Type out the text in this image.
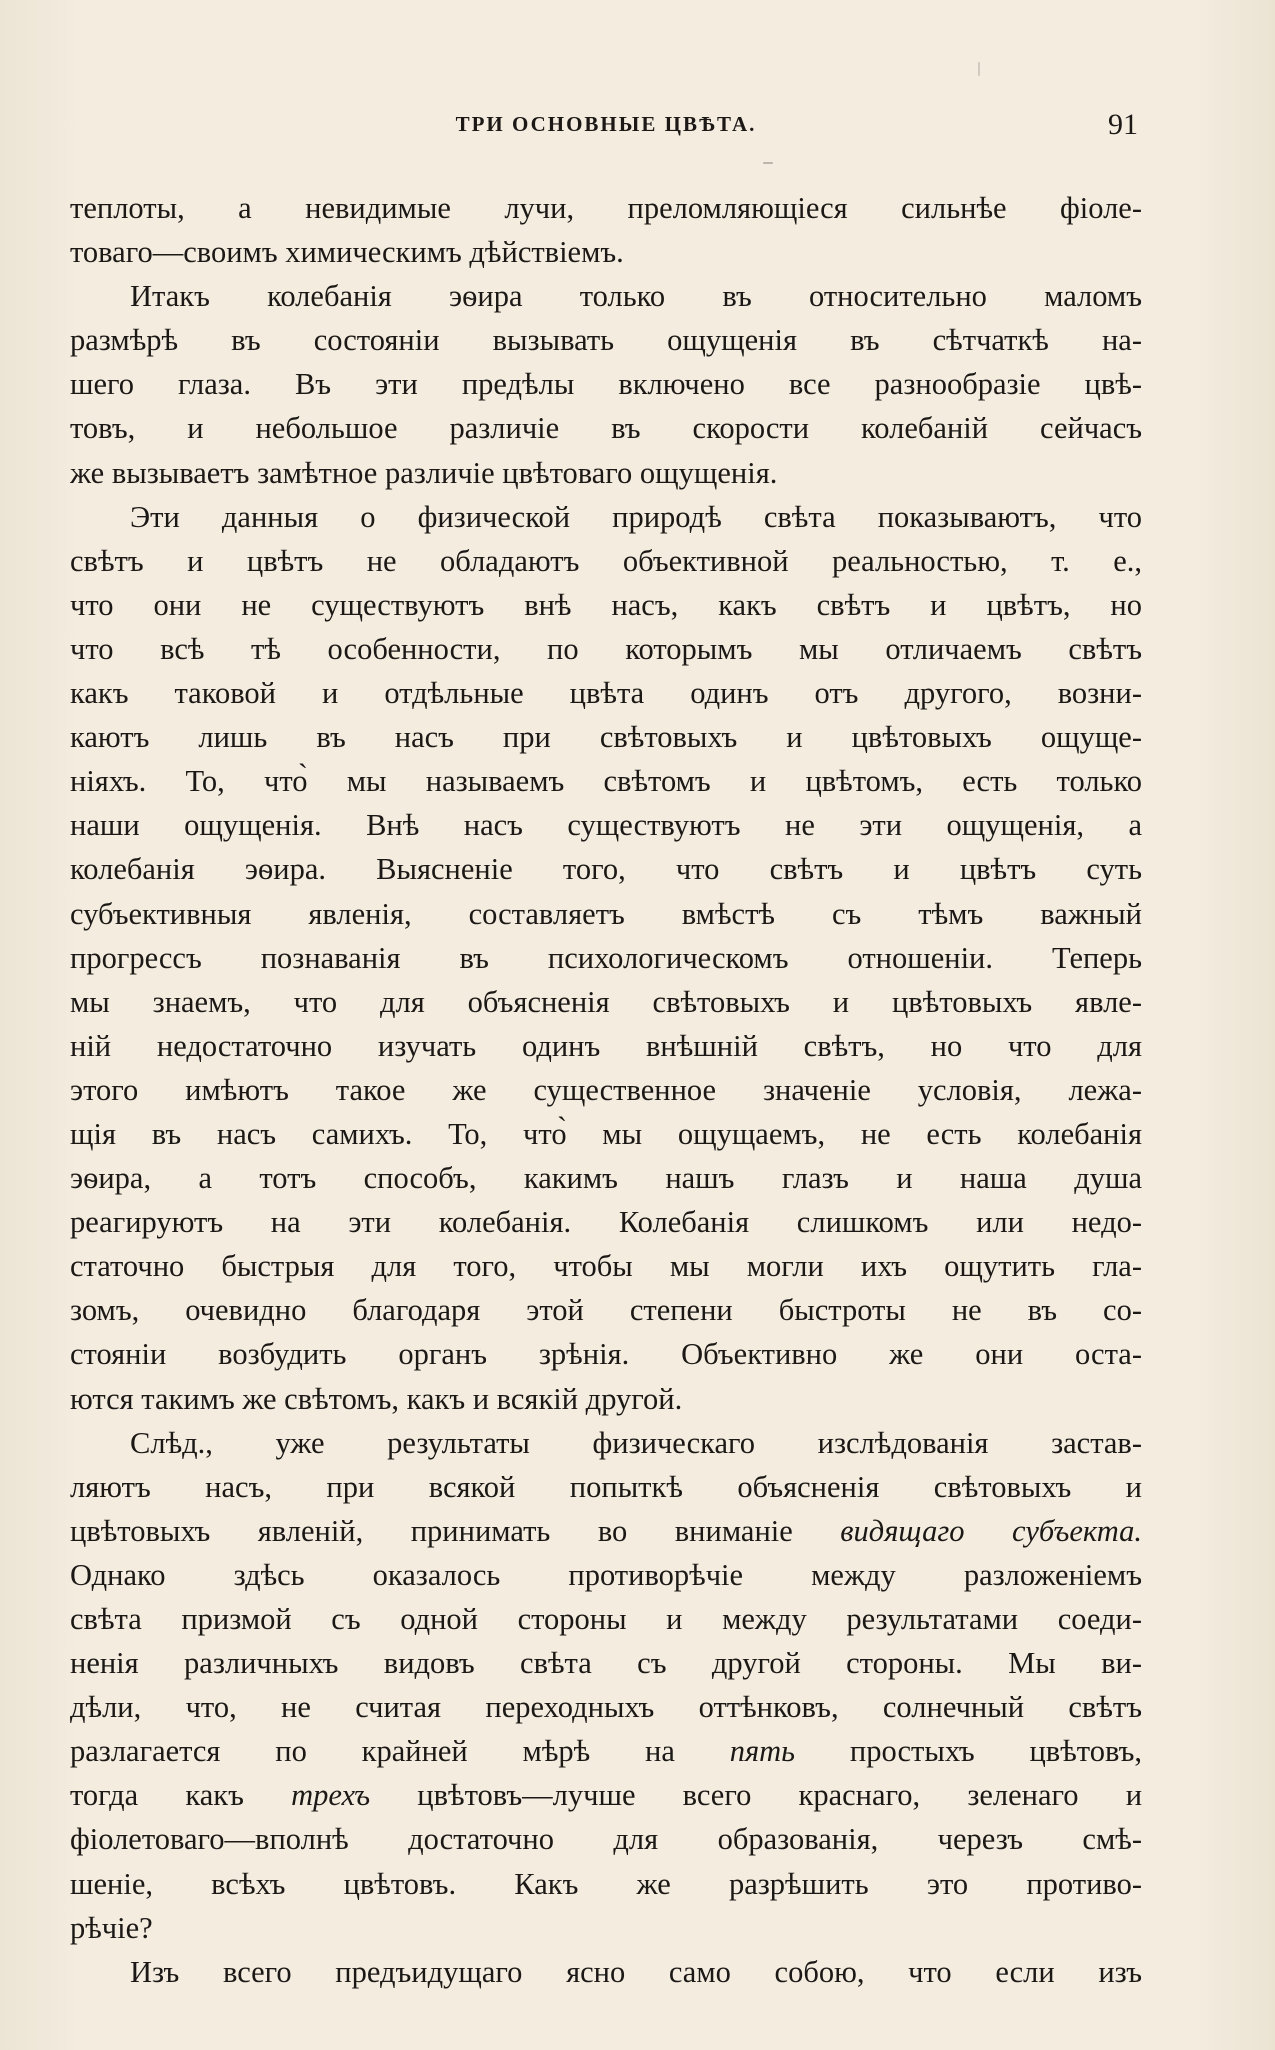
ТРИ ОСНОВНЫЕ ЦВѢТА.	91
теплоты, а невидимые лучи, преломляющіеся сильнѣе фіоле-
товаго—своимъ химическимъ дѣйствіемъ.
Итакъ колебанія эѳира только въ относительно маломъ
размѣрѣ въ состояніи вызывать ощущенія въ сѣтчаткѣ на-
шего глаза. Въ эти предѣлы включено все разнообразіе цвѣ-
товъ, и небольшое различіе въ скорости колебаній сейчасъ
же вызываетъ замѣтное различіе цвѣтоваго ощущенія.
Эти данныя о физической природѣ свѣта показываютъ, что
свѣтъ и цвѣтъ не обладаютъ объективной реальностью, т. е.,
что они не существуютъ внѣ насъ, какъ свѣтъ и цвѣтъ, но
что всѣ тѣ особенности, по которымъ мы отличаемъ свѣтъ
какъ таковой и отдѣльные цвѣта одинъ отъ другого, возни-
каютъ лишь въ насъ при свѣтовыхъ и цвѣтовыхъ ощуще-
ніяхъ. То, что̀ мы называемъ свѣтомъ и цвѣтомъ, есть только
наши ощущенія. Внѣ насъ существуютъ не эти ощущенія, а
колебанія эѳира. Выясненіе того, что свѣтъ и цвѣтъ суть
субъективныя явленія, составляетъ вмѣстѣ съ тѣмъ важный
прогрессъ познаванія въ психологическомъ отношеніи. Теперь
мы знаемъ, что для объясненія свѣтовыхъ и цвѣтовыхъ явле-
ній недостаточно изучать одинъ внѣшній свѣтъ, но что для
этого имѣютъ такое же существенное значеніе условія, лежа-
щія въ насъ самихъ. То, что̀ мы ощущаемъ, не есть колебанія
эѳира, а тотъ способъ, какимъ нашъ глазъ и наша душа
реагируютъ на эти колебанія. Колебанія слишкомъ или недо-
статочно быстрыя для того, чтобы мы могли ихъ ощутить гла-
зомъ, очевидно благодаря этой степени быстроты не въ со-
стояніи возбудить органъ зрѣнія. Объективно же они оста-
ются такимъ же свѣтомъ, какъ и всякій другой.
Слѣд., уже результаты физическаго изслѣдованія застав-
ляютъ насъ, при всякой попыткѣ объясненія свѣтовыхъ и
цвѣтовыхъ явленій, принимать во вниманіе видящаго субъекта.
Однако здѣсь оказалось противорѣчіе между разложеніемъ
свѣта призмой съ одной стороны и между результатами соеди-
ненія различныхъ видовъ свѣта съ другой стороны. Мы ви-
дѣли, что, не считая переходныхъ оттѣнковъ, солнечный свѣтъ
разлагается по крайней мѣрѣ на пять простыхъ цвѣтовъ,
тогда какъ трехъ цвѣтовъ—лучше всего краснаго, зеленаго и
фіолетоваго—вполнѣ достаточно для образованія, черезъ смѣ-
шеніе, всѣхъ цвѣтовъ. Какъ же разрѣшить это противо-
рѣчіе?
Изъ всего предъидущаго ясно само собою, что если изъ
